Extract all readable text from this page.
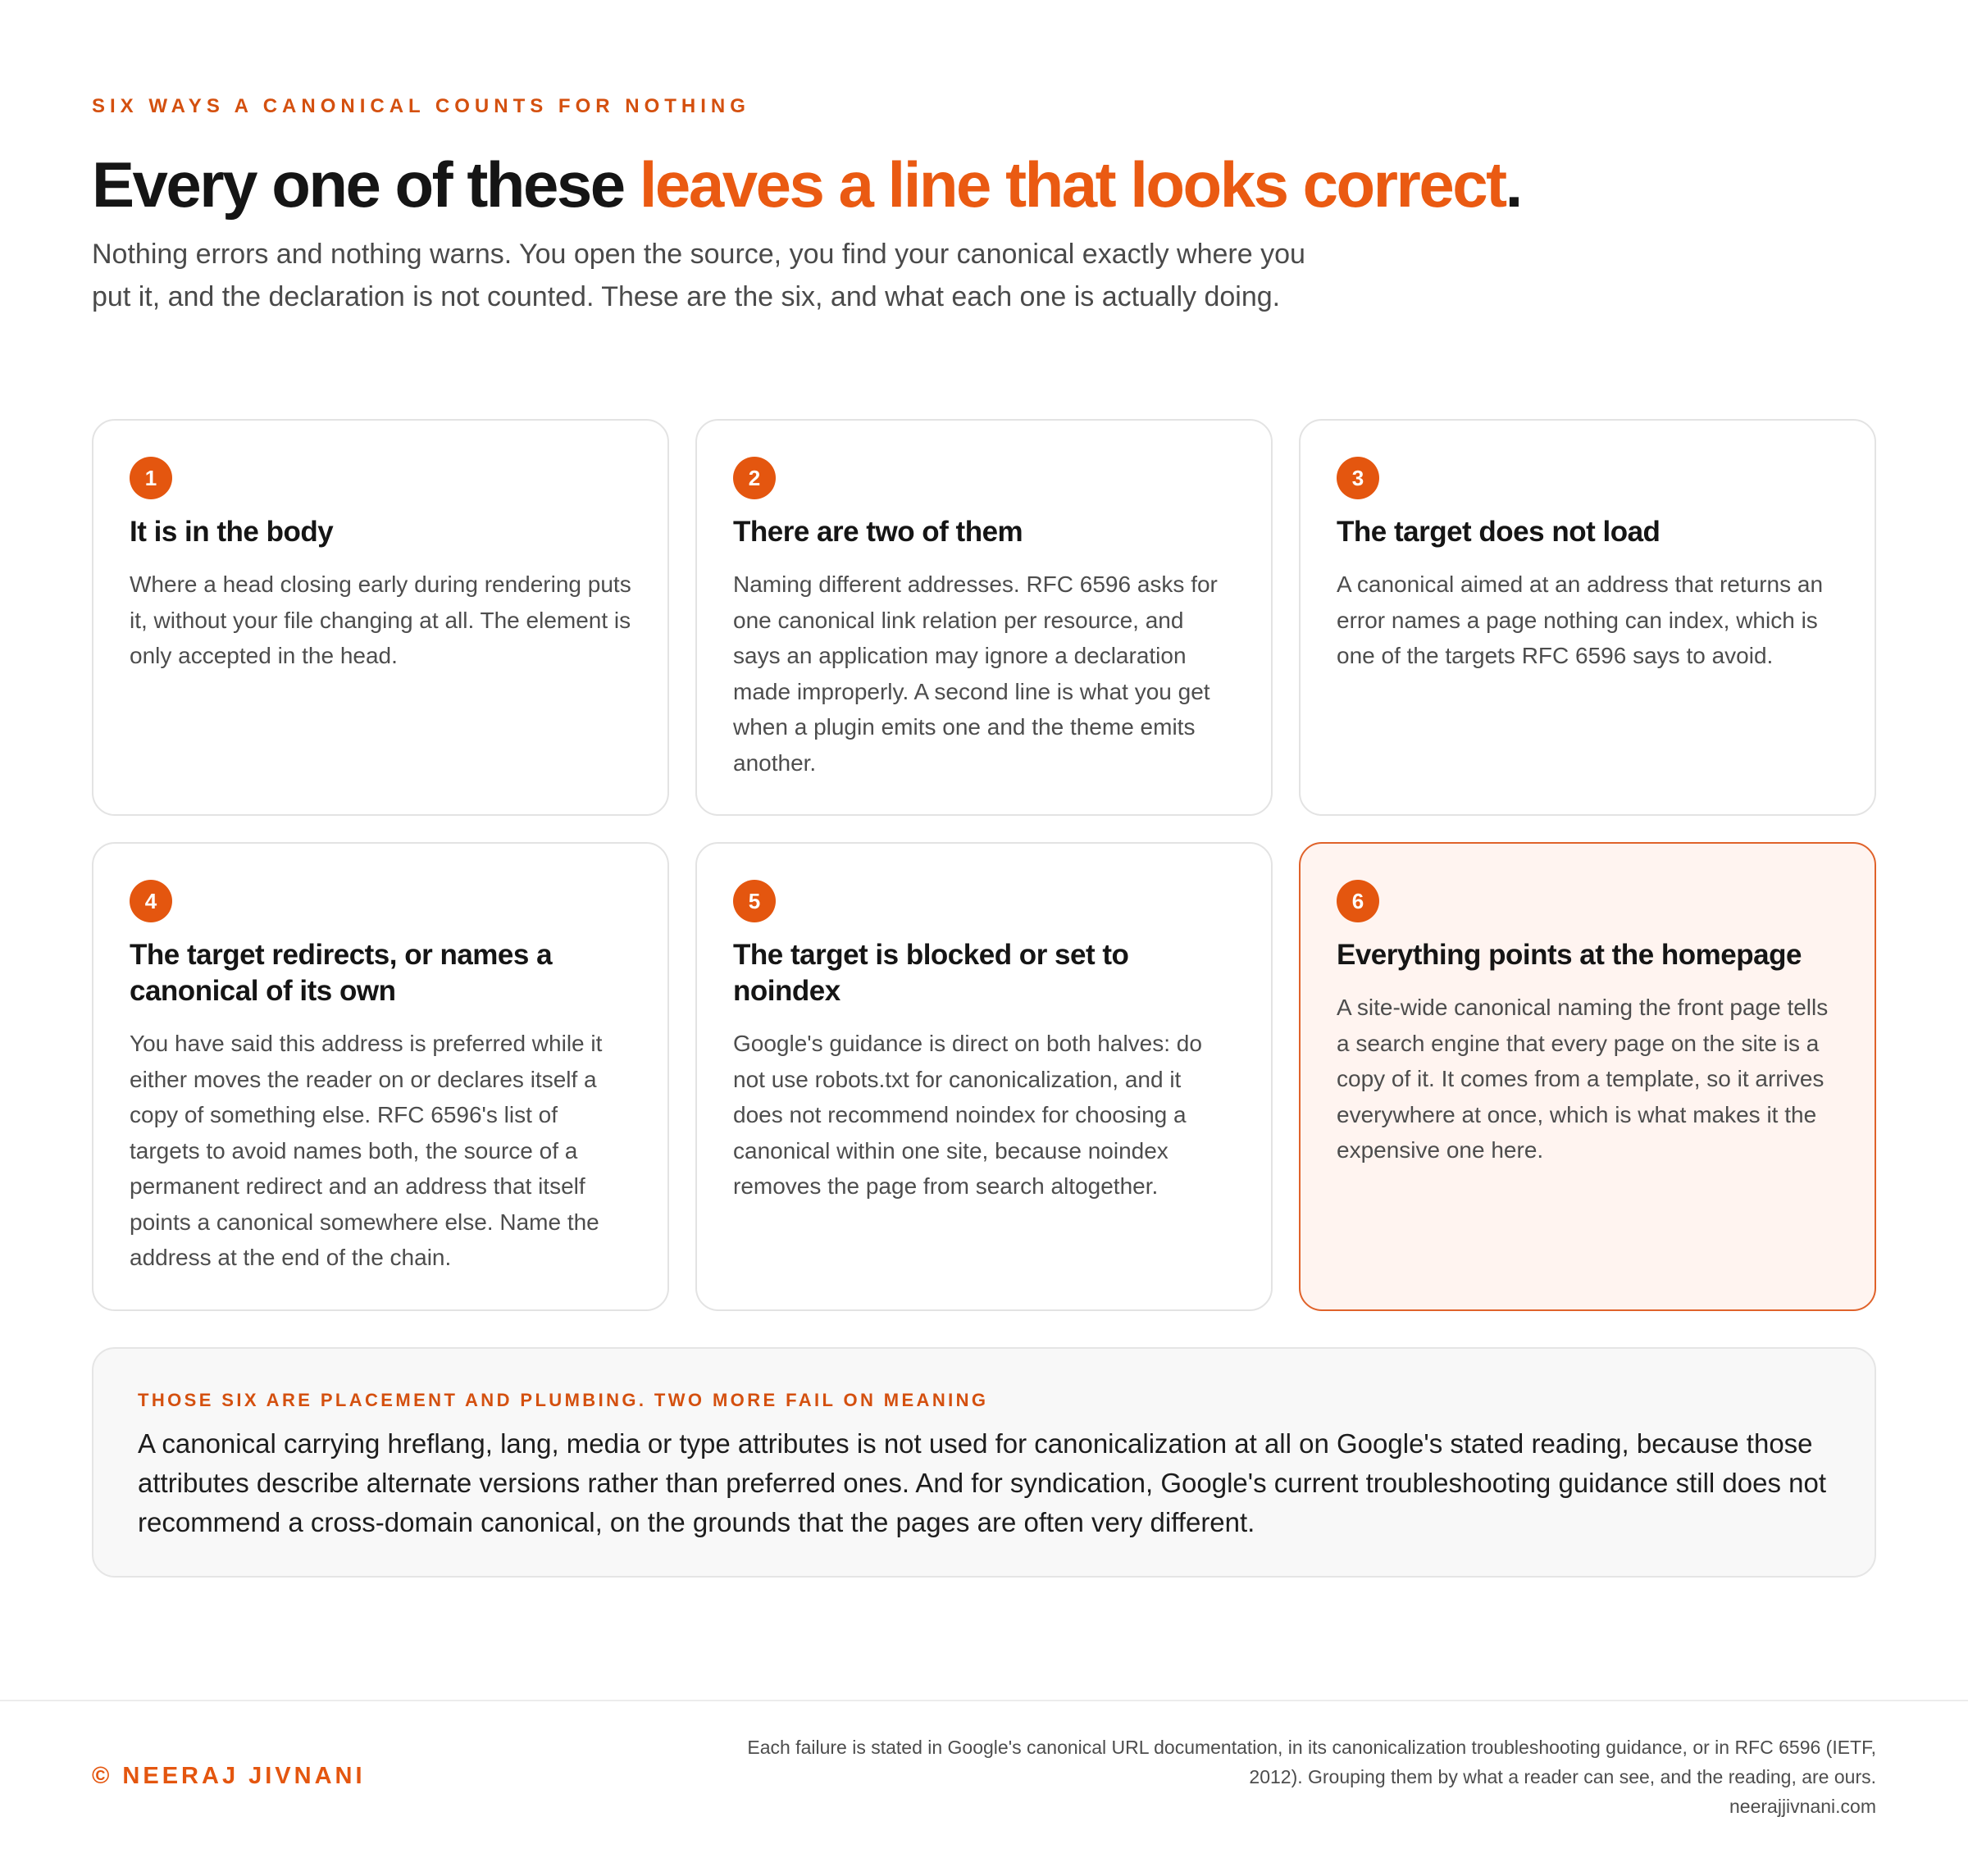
SIX WAYS A CANONICAL COUNTS FOR NOTHING
Every one of these leaves a line that looks correct.

Nothing errors and nothing warns. You open the source, you find your canonical exactly where you put it, and the declaration is not counted. These are the six, and what each one is actually doing.

1
It is in the body

Where a head closing early during rendering puts it, without your file changing at all. The element is only accepted in the head.

2
There are two of them

Naming different addresses. RFC 6596 asks for one canonical link relation per resource, and says an application may ignore a declaration made improperly. A second line is what you get when a plugin emits one and the theme emits another.

3
The target does not load

A canonical aimed at an address that returns an error names a page nothing can index, which is one of the targets RFC 6596 says to avoid.

4
The target redirects, or names a canonical of its own

You have said this address is preferred while it either moves the reader on or declares itself a copy of something else. RFC 6596's list of targets to avoid names both, the source of a permanent redirect and an address that itself points a canonical somewhere else. Name the address at the end of the chain.

5
The target is blocked or set to noindex

Google's guidance is direct on both halves: do not use robots.txt for canonicalization, and it does not recommend noindex for choosing a canonical within one site, because noindex removes the page from search altogether.

6
Everything points at the homepage

A site-wide canonical naming the front page tells a search engine that every page on the site is a copy of it. It comes from a template, so it arrives everywhere at once, which is what makes it the expensive one here.

THOSE SIX ARE PLACEMENT AND PLUMBING. TWO MORE FAIL ON MEANING

A canonical carrying hreflang, lang, media or type attributes is not used for canonicalization at all on Google's stated reading, because those attributes describe alternate versions rather than preferred ones. And for syndication, Google's current troubleshooting guidance still does not recommend a cross-domain canonical, on the grounds that the pages are often very different.

© NEERAJ JIVNANI
Each failure is stated in Google's canonical URL documentation, in its canonicalization troubleshooting guidance, or in RFC 6596 (IETF, 2012). Grouping them by what a reader can see, and the reading, are ours.
neerajjivnani.com
